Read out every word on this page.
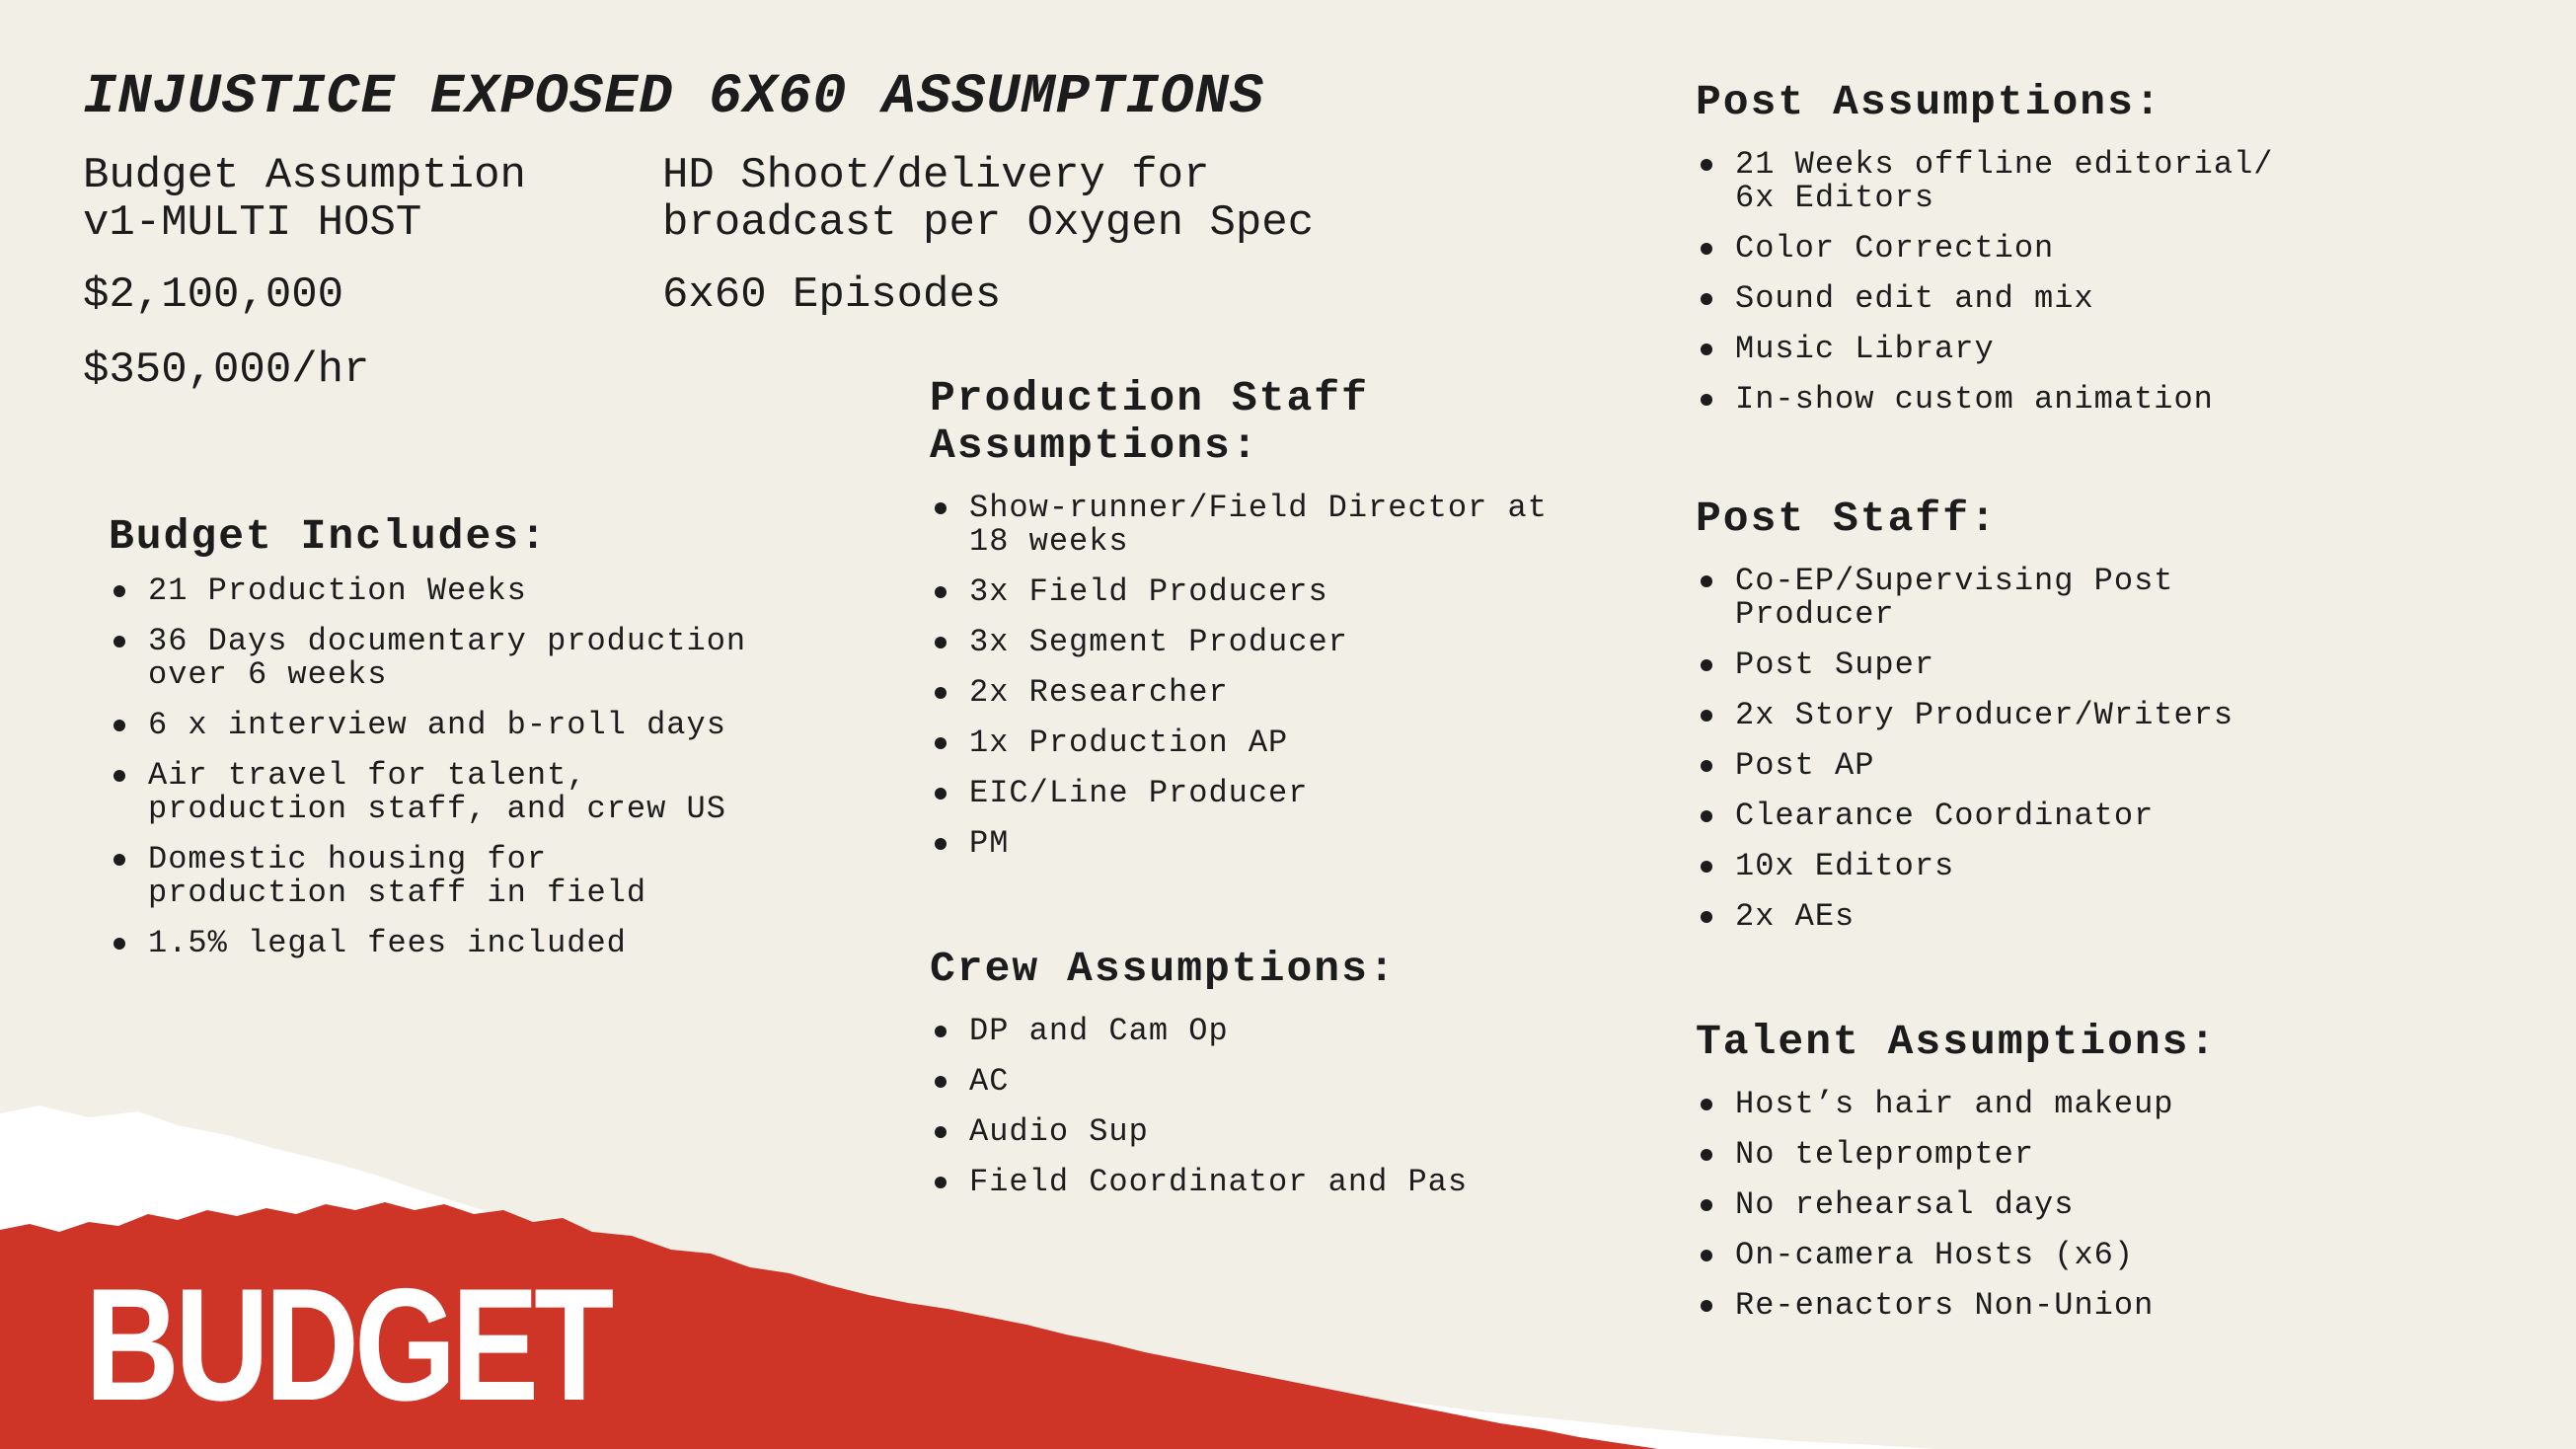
BUDGET
INJUSTICE EXPOSED 6X60 ASSUMPTIONS
Budget Assumption
v1-MULTI HOST
$2,100,000
$350,000/hr
HD Shoot/delivery for
broadcast per Oxygen Spec
6x60 Episodes
Budget Includes:
21 Production Weeks
36 Days documentary production
over 6 weeks
6 x interview and b-roll days
Air travel for talent,
production staff, and crew US
Domestic housing for
production staff in field
1.5% legal fees included
Production Staff
Assumptions:
Show-runner/Field Director at
18 weeks
3x Field Producers
3x Segment Producer
2x Researcher
1x Production AP
EIC/Line Producer
PM
Crew Assumptions:
DP and Cam Op
AC
Audio Sup
Field Coordinator and Pas
Post Assumptions:
21 Weeks offline editorial/
6x Editors
Color Correction
Sound edit and mix
Music Library
In-show custom animation
Post Staff:
Co-EP/Supervising Post
Producer
Post Super
2x Story Producer/Writers
Post AP
Clearance Coordinator
10x Editors
2x AEs
Talent Assumptions:
Host’s hair and makeup
No teleprompter
No rehearsal days
On-camera Hosts (x6)
Re-enactors Non-Union
